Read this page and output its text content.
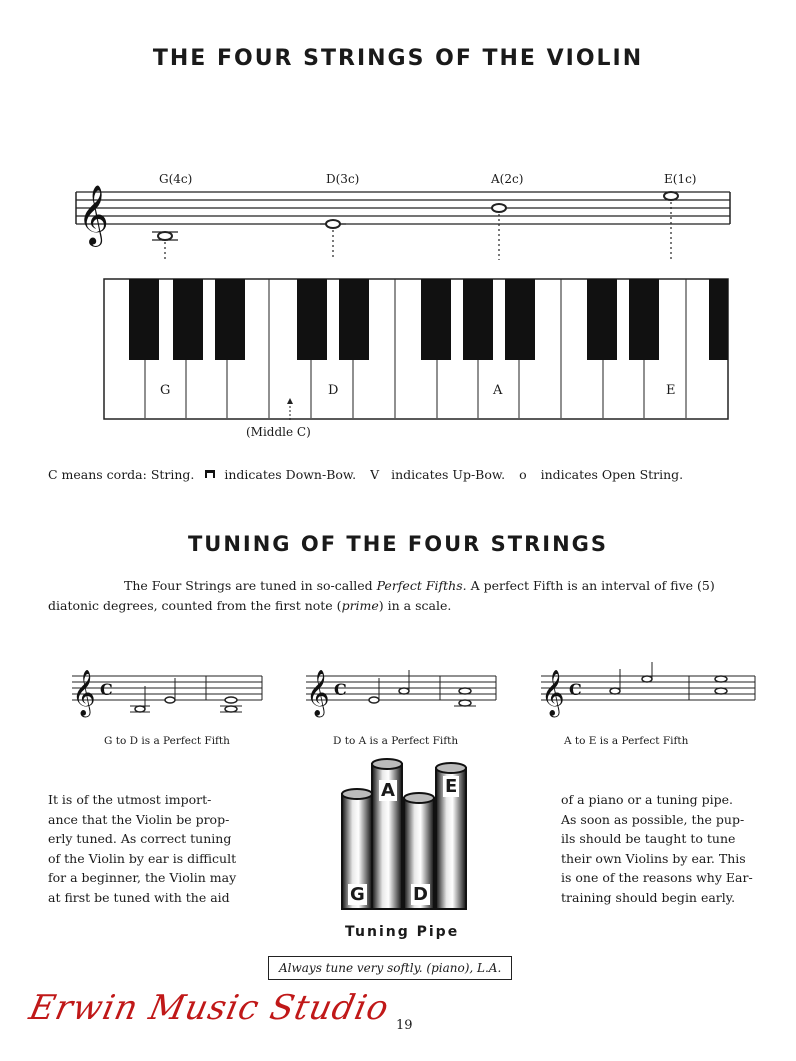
THE FOUR STRINGS OF THE VIOLIN
𝄞
G(4c)	D(3c)	A(2c)	E(1c)
G	D	A	E
(Middle C)
C means corda: String. indicates Down-Bow. V indicates Up-Bow. o indicates Open String.
TUNING OF THE FOUR STRINGS
The Four Strings are tuned in so-called Perfect Fifths. A perfect Fifth is an interval of five (5)
diatonic degrees, counted from the first note (prime) in a scale.
𝄞 C	𝄞 C	𝄞 C
G to D is a Perfect Fifth	D to A is a Perfect Fifth	A to E is a Perfect Fifth
It is of the utmost import-
ance that the Violin be prop-
erly tuned. As correct tuning
of the Violin by ear is difficult
for a beginner, the Violin may
at first be tuned with the aid	G
A
D
E
Tuning Pipe
of a piano or a tuning pipe.
As soon as possible, the pup-
ils should be taught to tune
their own Violins by ear. This
is one of the reasons why Ear-
training should begin early.
Always tune very softly. (piano), L.A.
Erwin Music Studio 19
